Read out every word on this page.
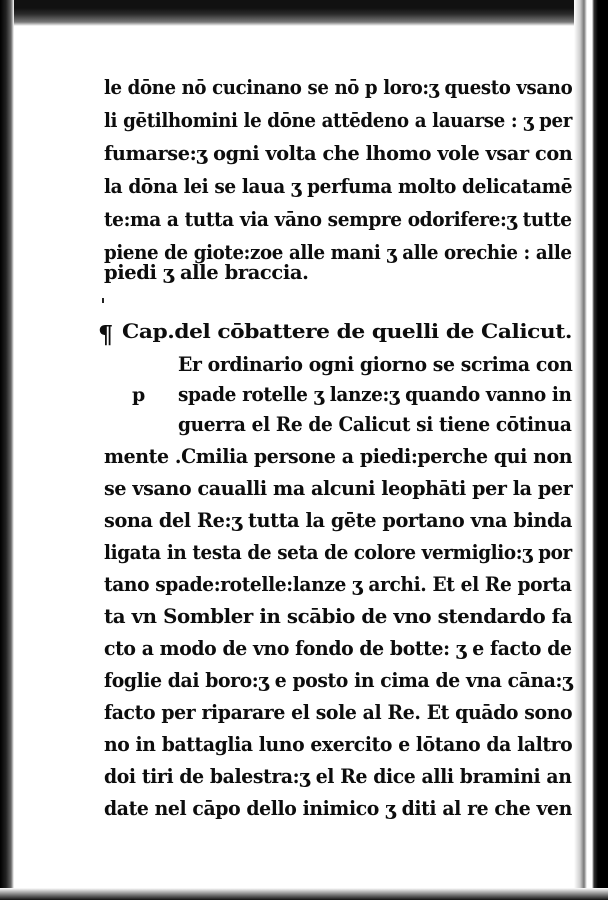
le dōne nō cucinano se nō p loro:ʒ questo vsano
li gētilhomini le dōne attēdeno a lauarse : ʒ per
fumarse:ʒ ogni volta che lhomo vole vsar con
la dōna lei se laua ʒ perfuma molto delicatamē
te:ma a tutta via vāno sempre odorifere:ʒ tutte
piene de giote:zoe alle mani ʒ alle orechie : alle
piedi ʒ alle braccia.
¶ Cap.del cōbattere de quelli de Calicut.
p
Er ordinario ogni giorno se scrima con
spade rotelle ʒ lanze:ʒ quando vanno in
guerra el Re de Calicut si tiene cōtinua
mente .Cmilia persone a piedi:perche qui non
se vsano caualli ma alcuni leophāti per la per
sona del Re:ʒ tutta la gēte portano vna binda
ligata in testa de seta de colore vermiglio:ʒ por
tano spade:rotelle:lanze ʒ archi. Et el Re porta
ta vn Sombler in scābio de vno stendardo fa
cto a modo de vno fondo de botte: ʒ e facto de
foglie dai boro:ʒ e posto in cima de vna cāna:ʒ
facto per riparare el sole al Re. Et quādo sono
no in battaglia luno exercito e lōtano da laltro
doi tiri de balestra:ʒ el Re dice alli bramini an
date nel cāpo dello inimico ʒ diti al re che ven
